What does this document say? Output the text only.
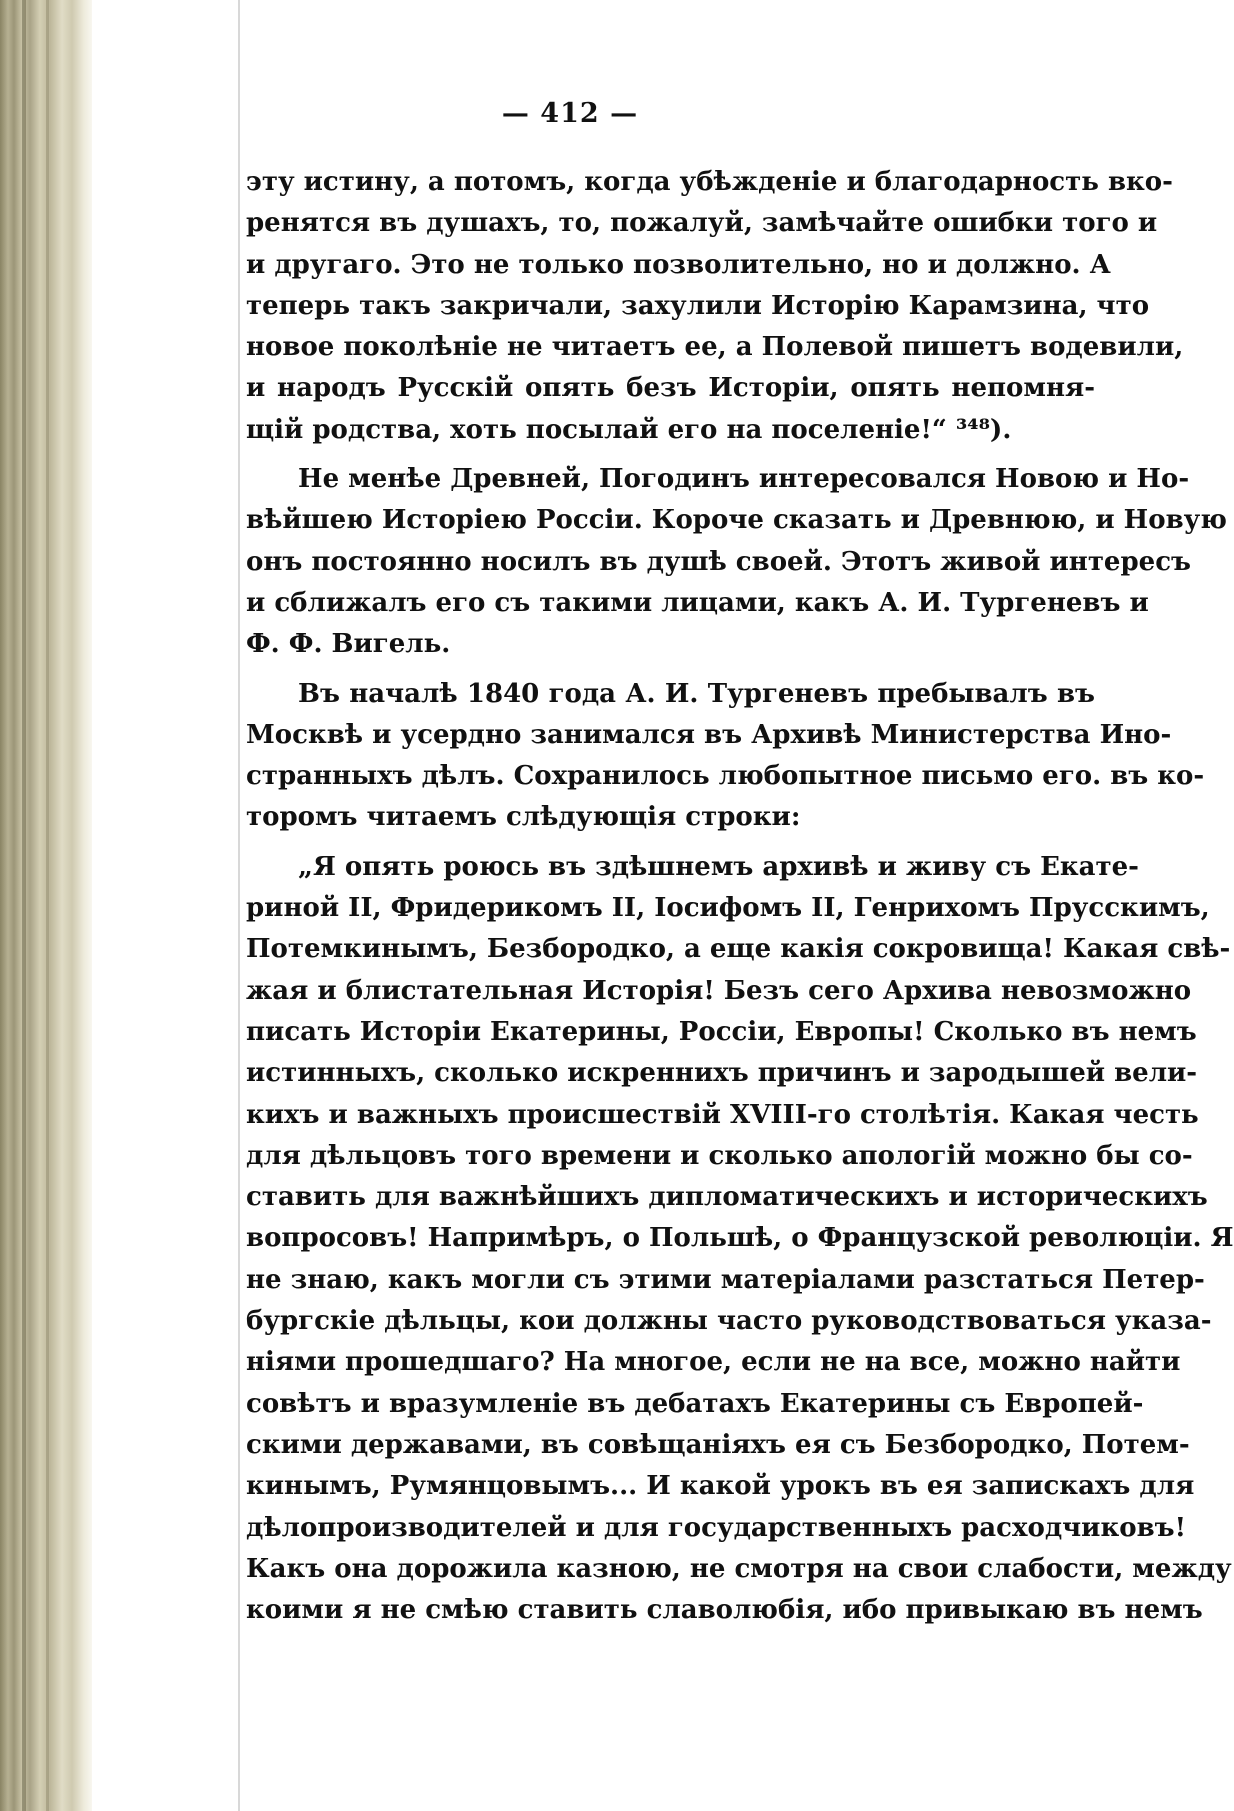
— 412 —
эту истину, а потомъ, когда убѣжденіе и благодарность вко-
ренятся въ душахъ, то, пожалуй, замѣчайте ошибки того и
и другаго. Это не только позволительно, но и должно. А
теперь такъ закричали, захулили Исторію Карамзина, что
новое поколѣніе не читаетъ ее, а Полевой пишетъ водевили,
и народъ Русскій опять безъ Исторіи, опять непомня-
щій родства, хоть посылай его на поселеніе!“ ³⁴⁸).
Не менѣе Древней, Погодинъ интересовался Новою и Но-
вѣйшею Исторіею Россіи. Короче сказать и Древнюю, и Новую
онъ постоянно носилъ въ душѣ своей. Этотъ живой интересъ
и сближалъ его съ такими лицами, какъ А. И. Тургеневъ и
Ф. Ф. Вигель.
Въ началѣ 1840 года А. И. Тургеневъ пребывалъ въ
Москвѣ и усердно занимался въ Архивѣ Министерства Ино-
странныхъ дѣлъ. Сохранилось любопытное письмо его. въ ко-
торомъ читаемъ слѣдующія строки:
„Я опять роюсь въ здѣшнемъ архивѣ и живу съ Екате-
риной II, Фридерикомъ II, Іосифомъ II, Генрихомъ Прусскимъ,
Потемкинымъ, Безбородко, а еще какія сокровища! Какая свѣ-
жая и блистательная Исторія! Безъ сего Архива невозможно
писать Исторіи Екатерины, Россіи, Европы! Сколько въ немъ
истинныхъ, сколько искреннихъ причинъ и зародышей вели-
кихъ и важныхъ происшествій XVIII-го столѣтія. Какая честь
для дѣльцовъ того времени и сколько апологій можно бы со-
ставить для важнѣйшихъ дипломатическихъ и историческихъ
вопросовъ! Напримѣръ, о Польшѣ, о Французской революціи. Я
не знаю, какъ могли съ этими матеріалами разстаться Петер-
бургскіе дѣльцы, кои должны часто руководствоваться указа-
ніями прошедшаго? На многое, если не на все, можно найти
совѣтъ и вразумленіе въ дебатахъ Екатерины съ Европей-
скими державами, въ совѣщаніяхъ ея съ Безбородко, Потем-
кинымъ, Румянцовымъ... И какой урокъ въ ея запискахъ для
дѣлопроизводителей и для государственныхъ расходчиковъ!
Какъ она дорожила казною, не смотря на свои слабости, между
коими я не смѣю ставить славолюбія, ибо привыкаю въ немъ
